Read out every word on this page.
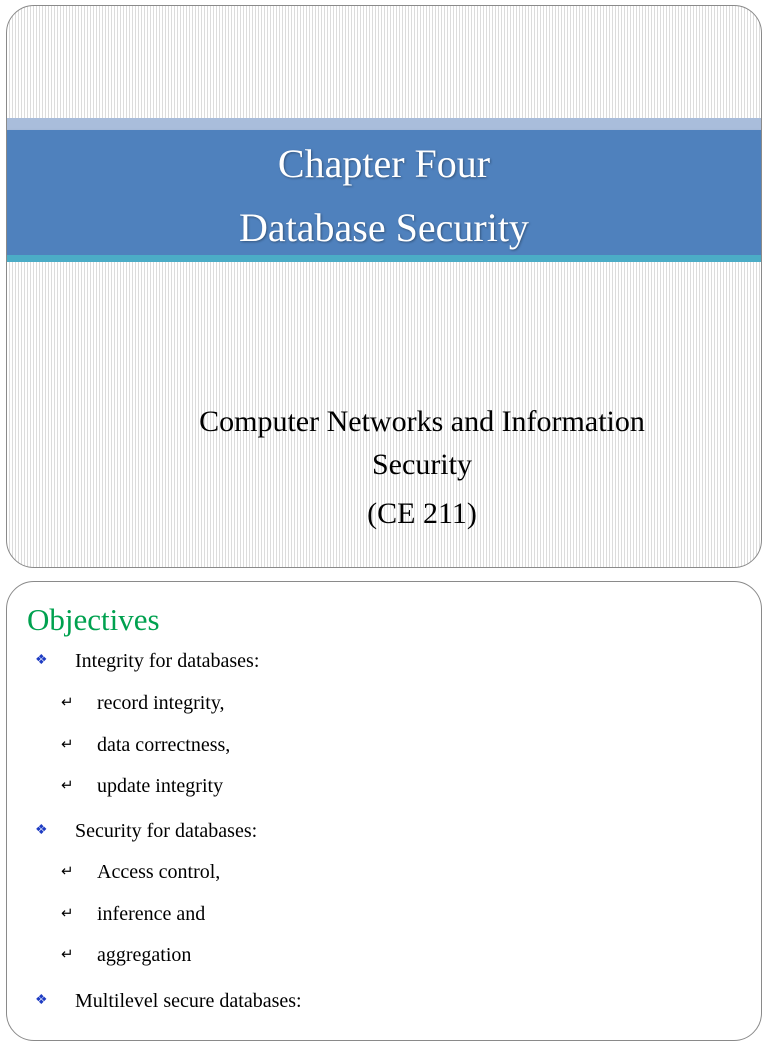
Chapter Four
Database Security
Computer Networks and Information
Security
(CE 211)
Objectives
❖ Integrity for databases:
↵ record integrity,
↵ data correctness,
↵ update integrity
❖ Security for databases:
↵ Access control,
↵ inference and
↵ aggregation
❖ Multilevel secure databases:
